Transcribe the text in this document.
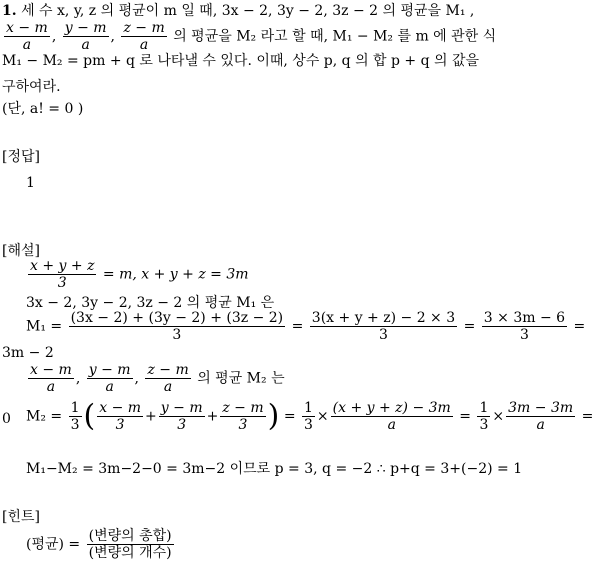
1. 세 수 x, y, z 의 평균이 m 일 때, 3x − 2, 3y − 2, 3z − 2 의 평균을 M₁ ,
$\frac{x - m}{a}$ , $\frac{y - m}{a}$ , $\frac{z - m}{a}$ 의 평균을 M₂ 라고 할 때, M₁ − M₂ 를 m 에 관한 식
M₁ − M₂ = pm + q 로 나타낼 수 있다. 이때, 상수 p, q 의 합 p + q 의 값을
구하여라.
(단, a! = 0 )
[정답]
1
[해설]
$\frac{x + y + z}{3} = m$, x + y + z = 3m
3x − 2, 3y − 2, 3z − 2 의 평균 M₁ 은
$M_1 = \frac{(3x - 2) + (3y - 2) + (3z - 2)}{3} = \frac{3(x + y + z) - 2 \times 3}{3} = \frac{3 \times 3m - 6}{3}$ =
3m − 2
$\frac{x - m}{a}$ , $\frac{y - m}{a}$ , $\frac{z - m}{a}$ 의 평균 M₂ 는
$M_2 = \frac{1}{3}$ ( $\frac{x - m}{3} + \frac{y - m}{3} + \frac{z - m}{3}$ ) = $\frac{1}{3} \times \frac{(x + y + z) - 3m}{a} = \frac{1}{3} \times \frac{3m - 3m}{a}$ =
0
M₁−M₂ = 3m−2−0 = 3m−2 이므로 p = 3, q = −2 ∴ p+q = 3+(−2) = 1
[힌트]
(평균) = $\frac{\text{(변량의 총합)}}{\text{(변량의 개수)}}$
